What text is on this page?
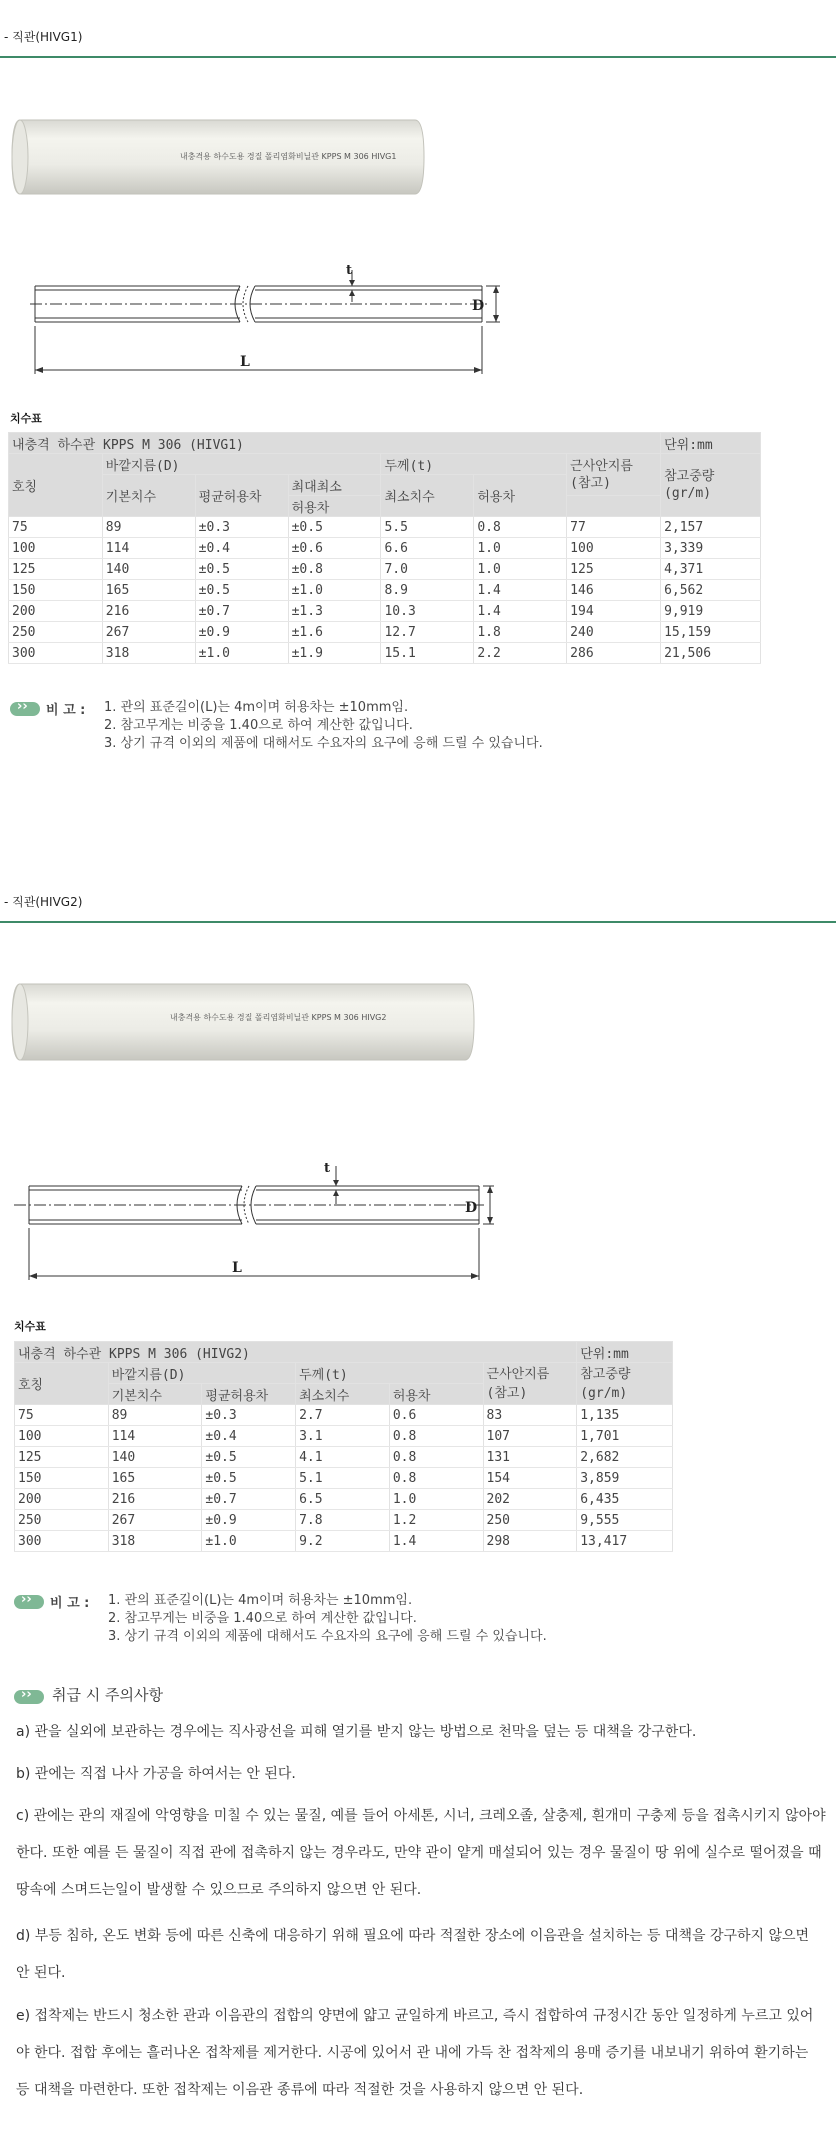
- 직관(HIVG1)
내충격용 하수도용 경질 폴리염화비닐관 KPPS M 306 HIVG1
t
D
L
치수표
내충격 하수관 KPPS M 306 (HIVG1)							단위:mm
호칭	바깥지름(D)			두께(t)		근사안지름
(참고)	참고중량
(gr/m)
	기본치수	평균허용차	최대최소	최소치수	허용차		
			허용차				
75	89	±0.3	±0.5	5.5	0.8	77	2,157
100	114	±0.4	±0.6	6.6	1.0	100	3,339
125	140	±0.5	±0.8	7.0	1.0	125	4,371
150	165	±0.5	±1.0	8.9	1.4	146	6,562
200	216	±0.7	±1.3	10.3	1.4	194	9,919
250	267	±0.9	±1.6	12.7	1.8	240	15,159
300	318	±1.0	±1.9	15.1	2.2	286	21,506
››
비 고 : 1. 관의 표준길이(L)는 4m이며 허용차는 ±10mm임.
2. 참고무게는 비중을 1.40으로 하여 계산한 값입니다.
3. 상기 규격 이외의 제품에 대해서도 수요자의 요구에 응해 드릴 수 있습니다.
- 직관(HIVG2)
내충격용 하수도용 경질 폴리염화비닐관 KPPS M 306 HIVG2
t
D
L
치수표
내충격 하수관 KPPS M 306 (HIVG2)						단위:mm
호칭	바깥지름(D)		두께(t)		근사안지름
(참고)	참고중량
(gr/m)
	기본치수	평균허용차	최소치수	허용차		
75	89	±0.3	2.7	0.6	83	1,135
100	114	±0.4	3.1	0.8	107	1,701
125	140	±0.5	4.1	0.8	131	2,682
150	165	±0.5	5.1	0.8	154	3,859
200	216	±0.7	6.5	1.0	202	6,435
250	267	±0.9	7.8	1.2	250	9,555
300	318	±1.0	9.2	1.4	298	13,417
››
비 고 : 1. 관의 표준길이(L)는 4m이며 허용차는 ±10mm임.
2. 참고무게는 비중을 1.40으로 하여 계산한 값입니다.
3. 상기 규격 이외의 제품에 대해서도 수요자의 요구에 응해 드릴 수 있습니다.
››
취급 시 주의사항
a) 관을 실외에 보관하는 경우에는 직사광선을 피해 열기를 받지 않는 방법으로 천막을 덮는 등 대책을 강구한다.
b) 관에는 직접 나사 가공을 하여서는 안 된다.
c) 관에는 관의 재질에 악영향을 미칠 수 있는 물질, 예를 들어 아세톤, 시너, 크레오졸, 살충제, 흰개미 구충제 등을 접촉시키지 않아야 한다. 또한 예를 든 물질이 직접 관에 접촉하지 않는 경우라도, 만약 관이 얕게 매설되어 있는 경우 물질이 땅 위에 실수로 떨어졌을 때 땅속에 스며드는일이 발생할 수 있으므로 주의하지 않으면 안 된다.
d) 부등 침하, 온도 변화 등에 따른 신축에 대응하기 위해 필요에 따라 적절한 장소에 이음관을 설치하는 등 대책을 강구하지 않으면 안 된다.
e) 접착제는 반드시 청소한 관과 이음관의 접합의 양면에 얇고 균일하게 바르고, 즉시 접합하여 규정시간 동안 일정하게 누르고 있어야 한다. 접합 후에는 흘러나온 접착제를 제거한다. 시공에 있어서 관 내에 가득 찬 접착제의 용매 증기를 내보내기 위하여 환기하는 등 대책을 마련한다. 또한 접착제는 이음관 종류에 따라 적절한 것을 사용하지 않으면 안 된다.
